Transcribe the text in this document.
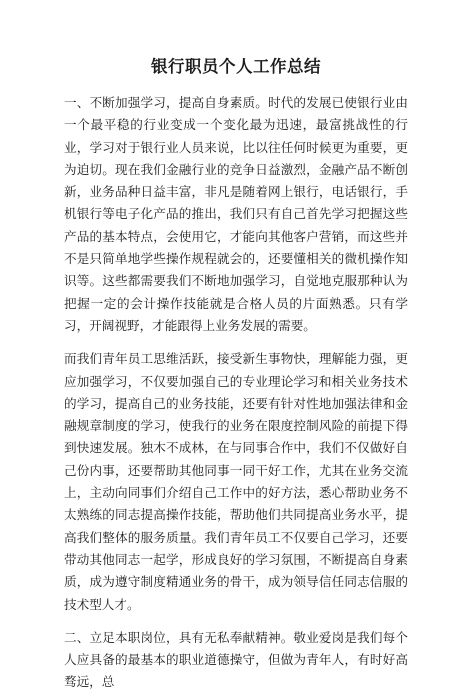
银行职员个人工作总结

一、不断加强学习，提高自身素质。时代的发展已使银行业由一个最平稳的行业变成一个变化最为迅速，最富挑战性的行业，学习对于银行业人员来说，比以往任何时候更为重要，更为迫切。现在我们金融行业的竞争日益激烈，金融产品不断创新，业务品种日益丰富，非凡是随着网上银行，电话银行，手机银行等电子化产品的推出，我们只有自己首先学习把握这些产品的基本特点，会使用它，才能向其他客户营销，而这些并不是只简单地学些操作规程就会的，还要懂相关的微机操作知识等。这些都需要我们不断地加强学习，自觉地克服那种认为把握一定的会计操作技能就是合格人员的片面熟悉。只有学习，开阔视野，才能跟得上业务发展的需要。

而我们青年员工思维活跃，接受新生事物快，理解能力强，更应加强学习，不仅要加强自己的专业理论学习和相关业务技术的学习，提高自己的业务技能，还要有针对性地加强法律和金融规章制度的学习，使我行的业务在限度控制风险的前提下得到快速发展。独木不成林，在与同事合作中，我们不仅做好自己份内事，还要帮助其他同事一同干好工作，尤其在业务交流上，主动向同事们介绍自己工作中的好方法，悉心帮助业务不太熟练的同志提高操作技能，帮助他们共同提高业务水平，提高我们整体的服务质量。我们青年员工不仅要自己学习，还要带动其他同志一起学，形成良好的学习氛围，不断提高自身素质，成为遵守制度精通业务的骨干，成为领导信任同志信服的技术型人才。

二、立足本职岗位，具有无私奉献精神。敬业爱岗是我们每个人应具备的最基本的职业道德操守，但做为青年人，有时好高骛远，总
